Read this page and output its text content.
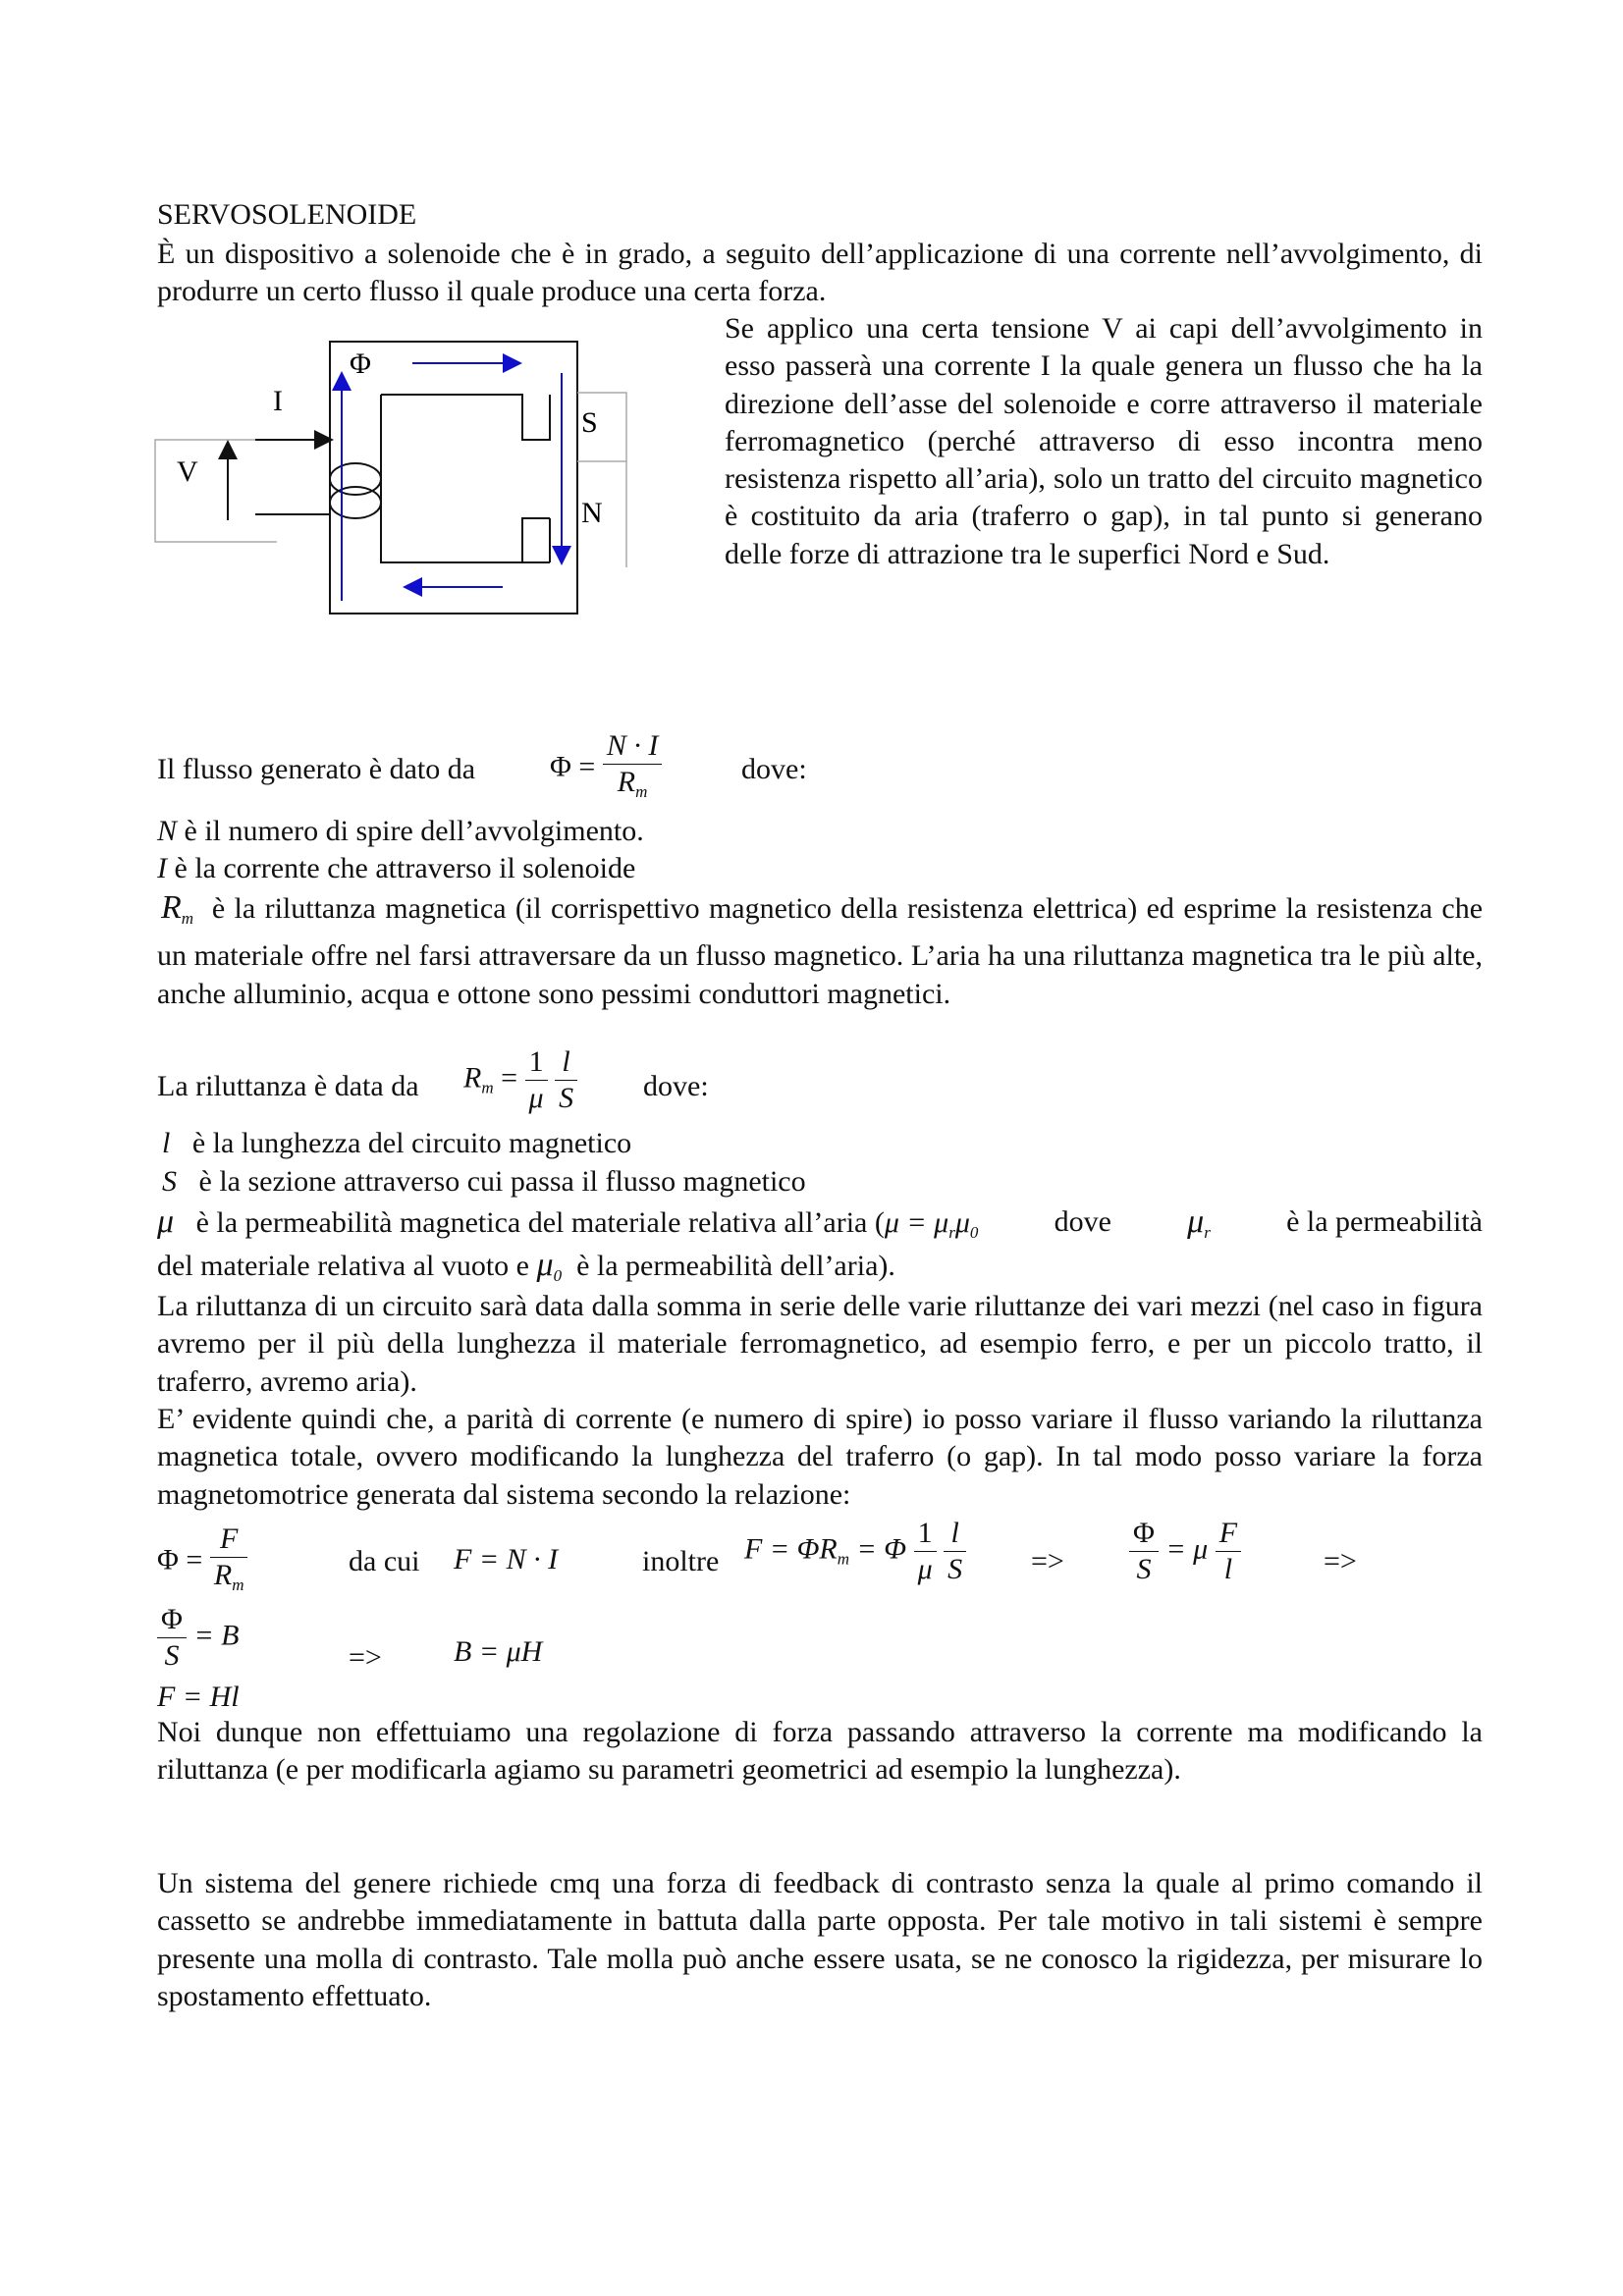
SERVOSOLENOIDE
È un dispositivo a solenoide che è in grado, a seguito dell’applicazione di una corrente nell’avvolgimento, di produrre un certo flusso il quale produce una certa forza.
Φ
I
V
S
N
Se applico una certa tensione V ai capi dell’avvolgimento in esso passerà una corrente I la quale genera un flusso che ha la direzione dell’asse del solenoide e corre attraverso il materiale ferromagnetico (perché attraverso di esso incontra meno resistenza rispetto all’aria), solo un tratto del circuito magnetico è costituito da aria (traferro o gap), in tal punto si generano delle forze di attrazione tra le superfici Nord e Sud.
Il flusso generato è dato da	$\Phi = \frac{N \cdot I}{R_m}$	dove:
N è il numero di spire dell’avvolgimento.
I è la corrente che attraverso il solenoide
$R_m$ è la riluttanza magnetica (il corrispettivo magnetico della resistenza elettrica) ed esprime la resistenza che un materiale offre nel farsi attraversare da un flusso magnetico. L’aria ha una riluttanza magnetica tra le più alte, anche alluminio, acqua e ottone sono pessimi conduttori magnetici.
La riluttanza è data da $R_m = \frac{1}{\mu}$
$\frac{l}{S}$ dove:
l è la lunghezza del circuito magnetico
S è la sezione attraverso cui passa il flusso magnetico
μ è la permeabilità magnetica del materiale relativa all’aria ($\mu = \mu_r\mu_0$	dove $\mu_r$	è la permeabilità
del materiale relativa al vuoto e $\mu_0$ è la permeabilità dell’aria).
La riluttanza di un circuito sarà data dalla somma in serie delle varie riluttanze dei vari mezzi (nel caso in figura avremo per il più della lunghezza il materiale ferromagnetico, ad esempio ferro, e per un piccolo tratto, il traferro, avremo aria).
E’ evidente quindi che, a parità di corrente (e numero di spire) io posso variare il flusso variando la riluttanza magnetica totale, ovvero modificando la lunghezza del traferro (o gap). In tal modo posso variare la forza magnetomotrice generata dal sistema secondo la relazione:
$\Phi = \frac{F}{R_m}$	da cui F = N · I	inoltre $F = \Phi R_m = \Phi \frac{1}{\mu}$
$\frac{l}{S} => \frac{\Phi}{S} = \mu \frac{F}{l}$	=>
$\frac{\Phi}{S} = B$
=> B = μH
F = Hl
Noi dunque non effettuiamo una regolazione di forza passando attraverso la corrente ma modificando la riluttanza (e per modificarla agiamo su parametri geometrici ad esempio la lunghezza).
Un sistema del genere richiede cmq una forza di feedback di contrasto senza la quale al primo comando il cassetto se andrebbe immediatamente in battuta dalla parte opposta. Per tale motivo in tali sistemi è sempre presente una molla di contrasto. Tale molla può anche essere usata, se ne conosco la rigidezza, per misurare lo spostamento effettuato.
